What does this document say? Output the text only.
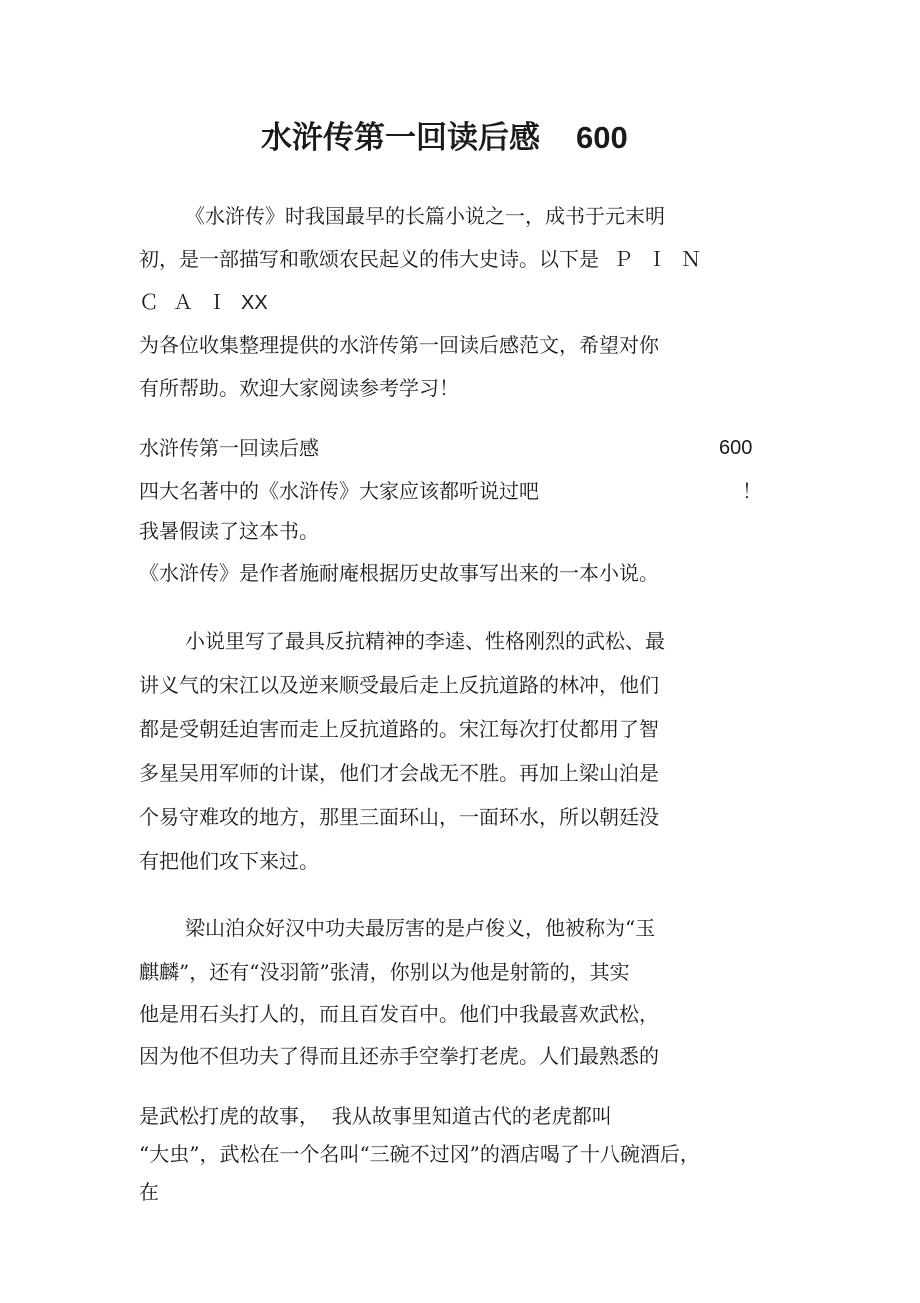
水浒传第一回读后感 600

《水浒传》时我国最早的长篇小说之一，成书于元末明

初，是一部描写和歌颂农民起义的伟大史诗。以下是 ＰＩＮ

ＣＡＩXX

为各位收集整理提供的水浒传第一回读后感范文，希望对你

有所帮助。欢迎大家阅读参考学习！

水浒传第一回读后感	600

四大名著中的《水浒传》大家应该都听说过吧	！

我暑假读了这本书。

《水浒传》是作者施耐庵根据历史故事写出来的一本小说。

小说里写了最具反抗精神的李逵、性格刚烈的武松、最

讲义气的宋江以及逆来顺受最后走上反抗道路的林冲，他们

都是受朝廷迫害而走上反抗道路的。宋江每次打仗都用了智

多星吴用军师的计谋，他们才会战无不胜。再加上梁山泊是

个易守难攻的地方，那里三面环山，一面环水，所以朝廷没

有把他们攻下来过。

梁山泊众好汉中功夫最厉害的是卢俊义，他被称为“玉

麒麟”，还有“没羽箭”张清，你别以为他是射箭的，其实

他是用石头打人的，而且百发百中。他们中我最喜欢武松，

因为他不但功夫了得而且还赤手空拳打老虎。人们最熟悉的

是武松打虎的故事，  我从故事里知道古代的老虎都叫

“大虫”，武松在一个名叫“三碗不过冈”的酒店喝了十八碗酒后，

在
